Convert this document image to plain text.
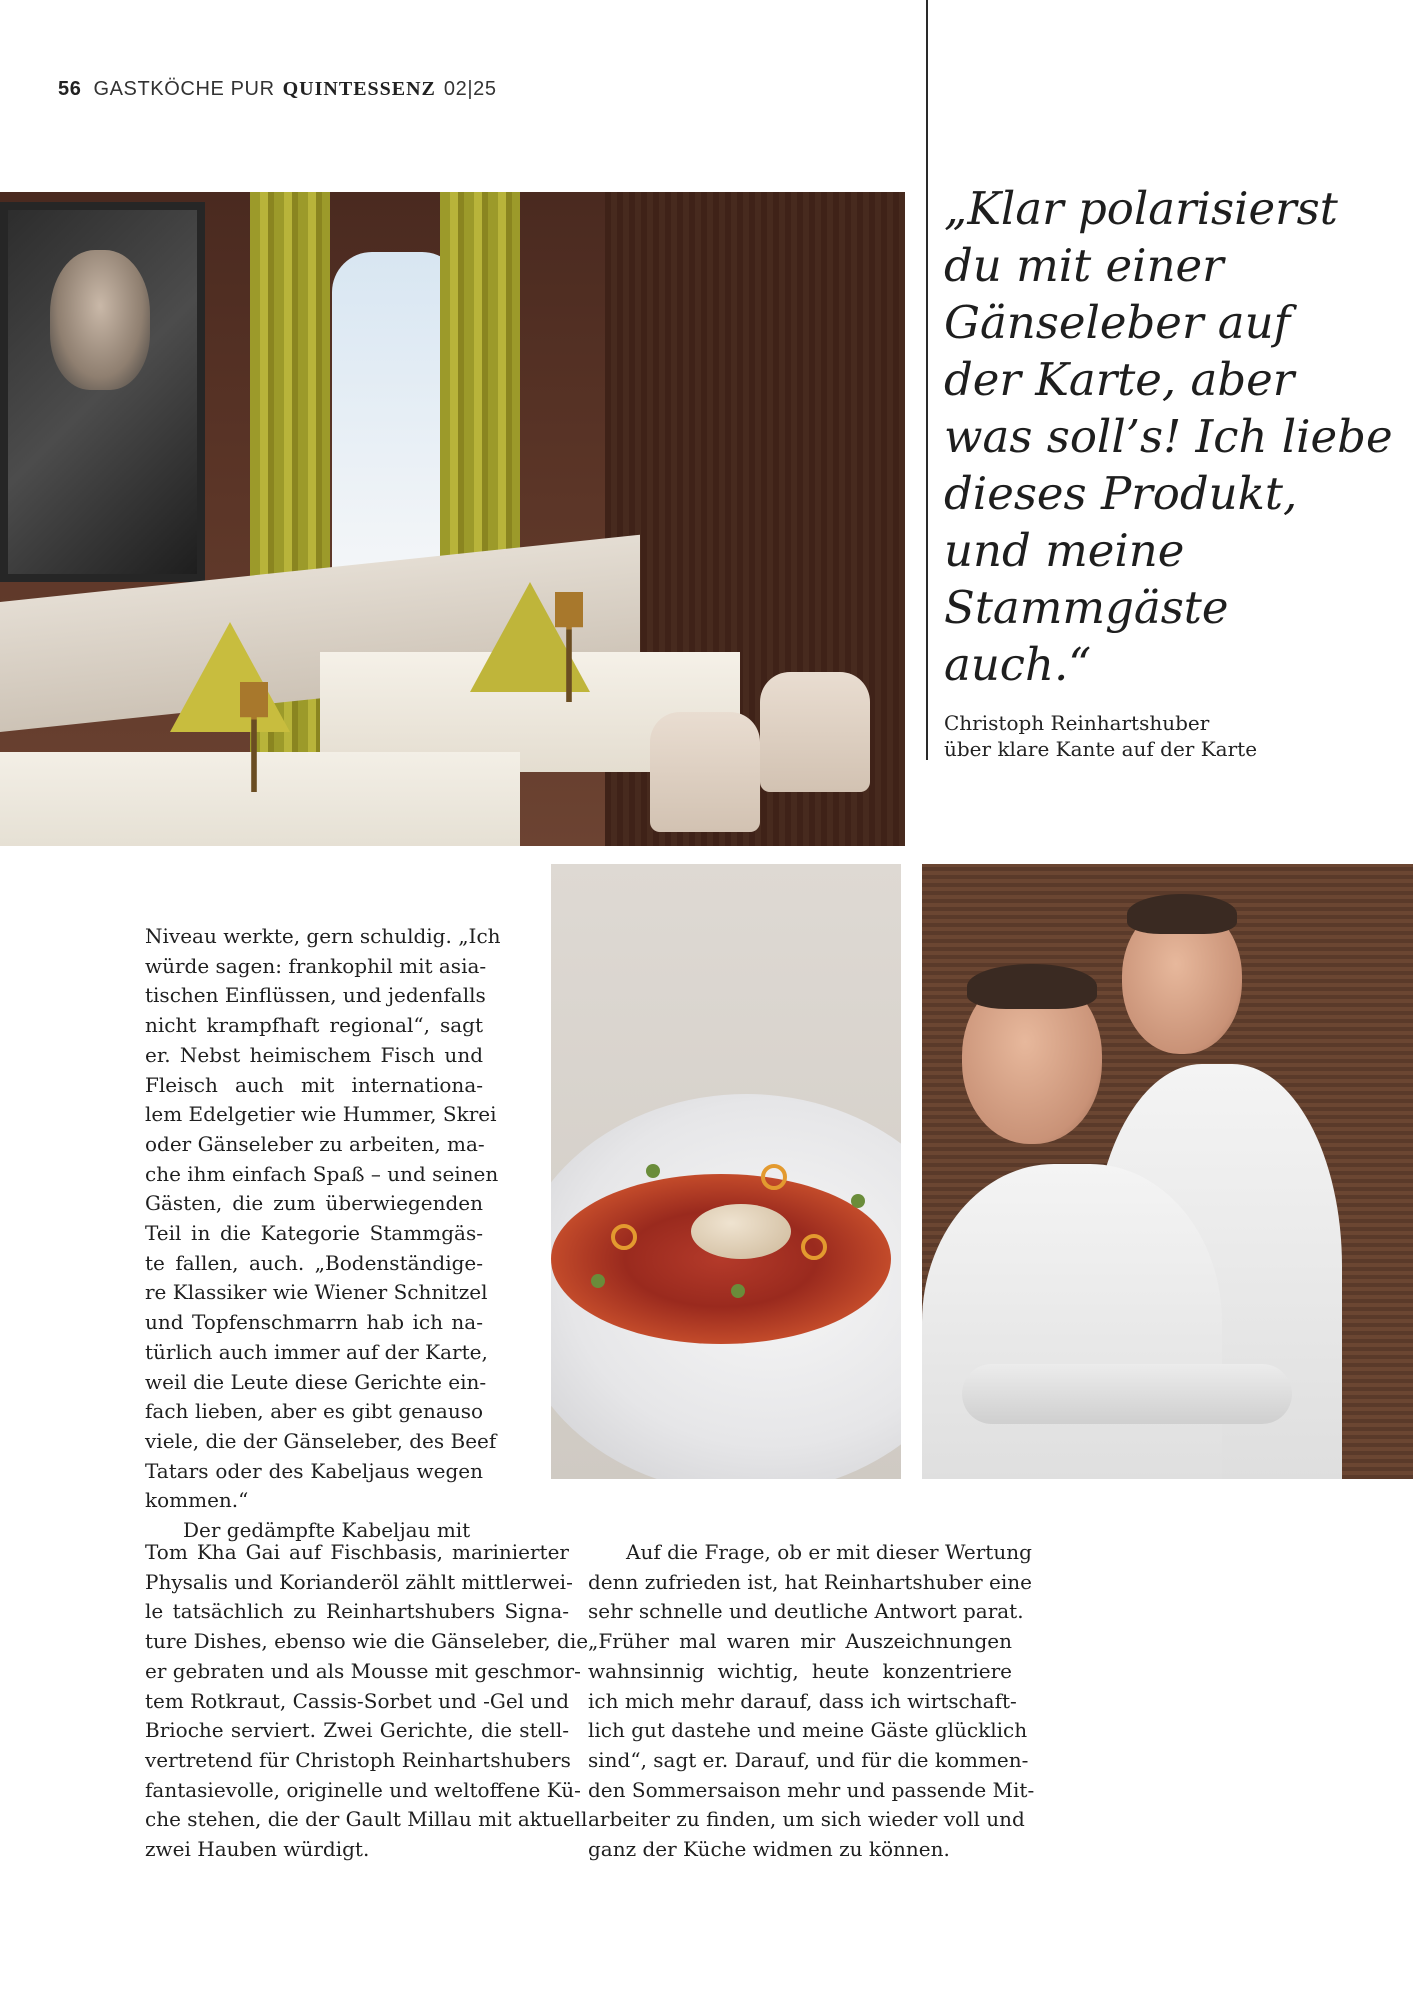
56 GASTKÖCHE PUR QUINTESSENZ 02|25
„Klar polarisierst
du mit einer
Gänseleber auf
der Karte, aber
was soll’s! Ich liebe
dieses Produkt,
und meine
Stammgäste
auch.“
Christoph Reinhartshuber
über klare Kante auf der Karte
Niveau werkte, gern schuldig. „Ich
würde sagen: frankophil mit asia-
tischen Einflüssen, und jedenfalls
nicht krampfhaft regional“, sagt
er. Nebst heimischem Fisch und
Fleisch auch mit internationa-
lem Edelgetier wie Hummer, Skrei
oder Gänseleber zu arbeiten, ma-
che ihm einfach Spaß – und seinen
Gästen, die zum überwiegenden
Teil in die Kategorie Stammgäs-
te fallen, auch. „Bodenständige-
re Klassiker wie Wiener Schnitzel
und Topfenschmarrn hab ich na-
türlich auch immer auf der Karte,
weil die Leute diese Gerichte ein-
fach lieben, aber es gibt genauso
viele, die der Gänseleber, des Beef
Tatars oder des Kabeljaus wegen
kommen.“
Der gedämpfte Kabeljau mit
Tom Kha Gai auf Fischbasis, marinierter
Physalis und Korianderöl zählt mittlerwei-
le tatsächlich zu Reinhartshubers Signa-
ture Dishes, ebenso wie die Gänseleber, die
er gebraten und als Mousse mit geschmor-
tem Rotkraut, Cassis-Sorbet und -Gel und
Brioche serviert. Zwei Gerichte, die stell-
vertretend für Christoph Reinhartshubers
fantasievolle, originelle und weltoffene Kü-
che stehen, die der Gault Millau mit aktuell
zwei Hauben würdigt.
Auf die Frage, ob er mit dieser Wertung
denn zufrieden ist, hat Reinhartshuber eine
sehr schnelle und deutliche Antwort parat.
„Früher mal waren mir Auszeichnungen
wahnsinnig wichtig, heute konzentriere
ich mich mehr darauf, dass ich wirtschaft-
lich gut dastehe und meine Gäste glücklich
sind“, sagt er. Darauf, und für die kommen-
den Sommersaison mehr und passende Mit-
arbeiter zu finden, um sich wieder voll und
ganz der Küche widmen zu können.
